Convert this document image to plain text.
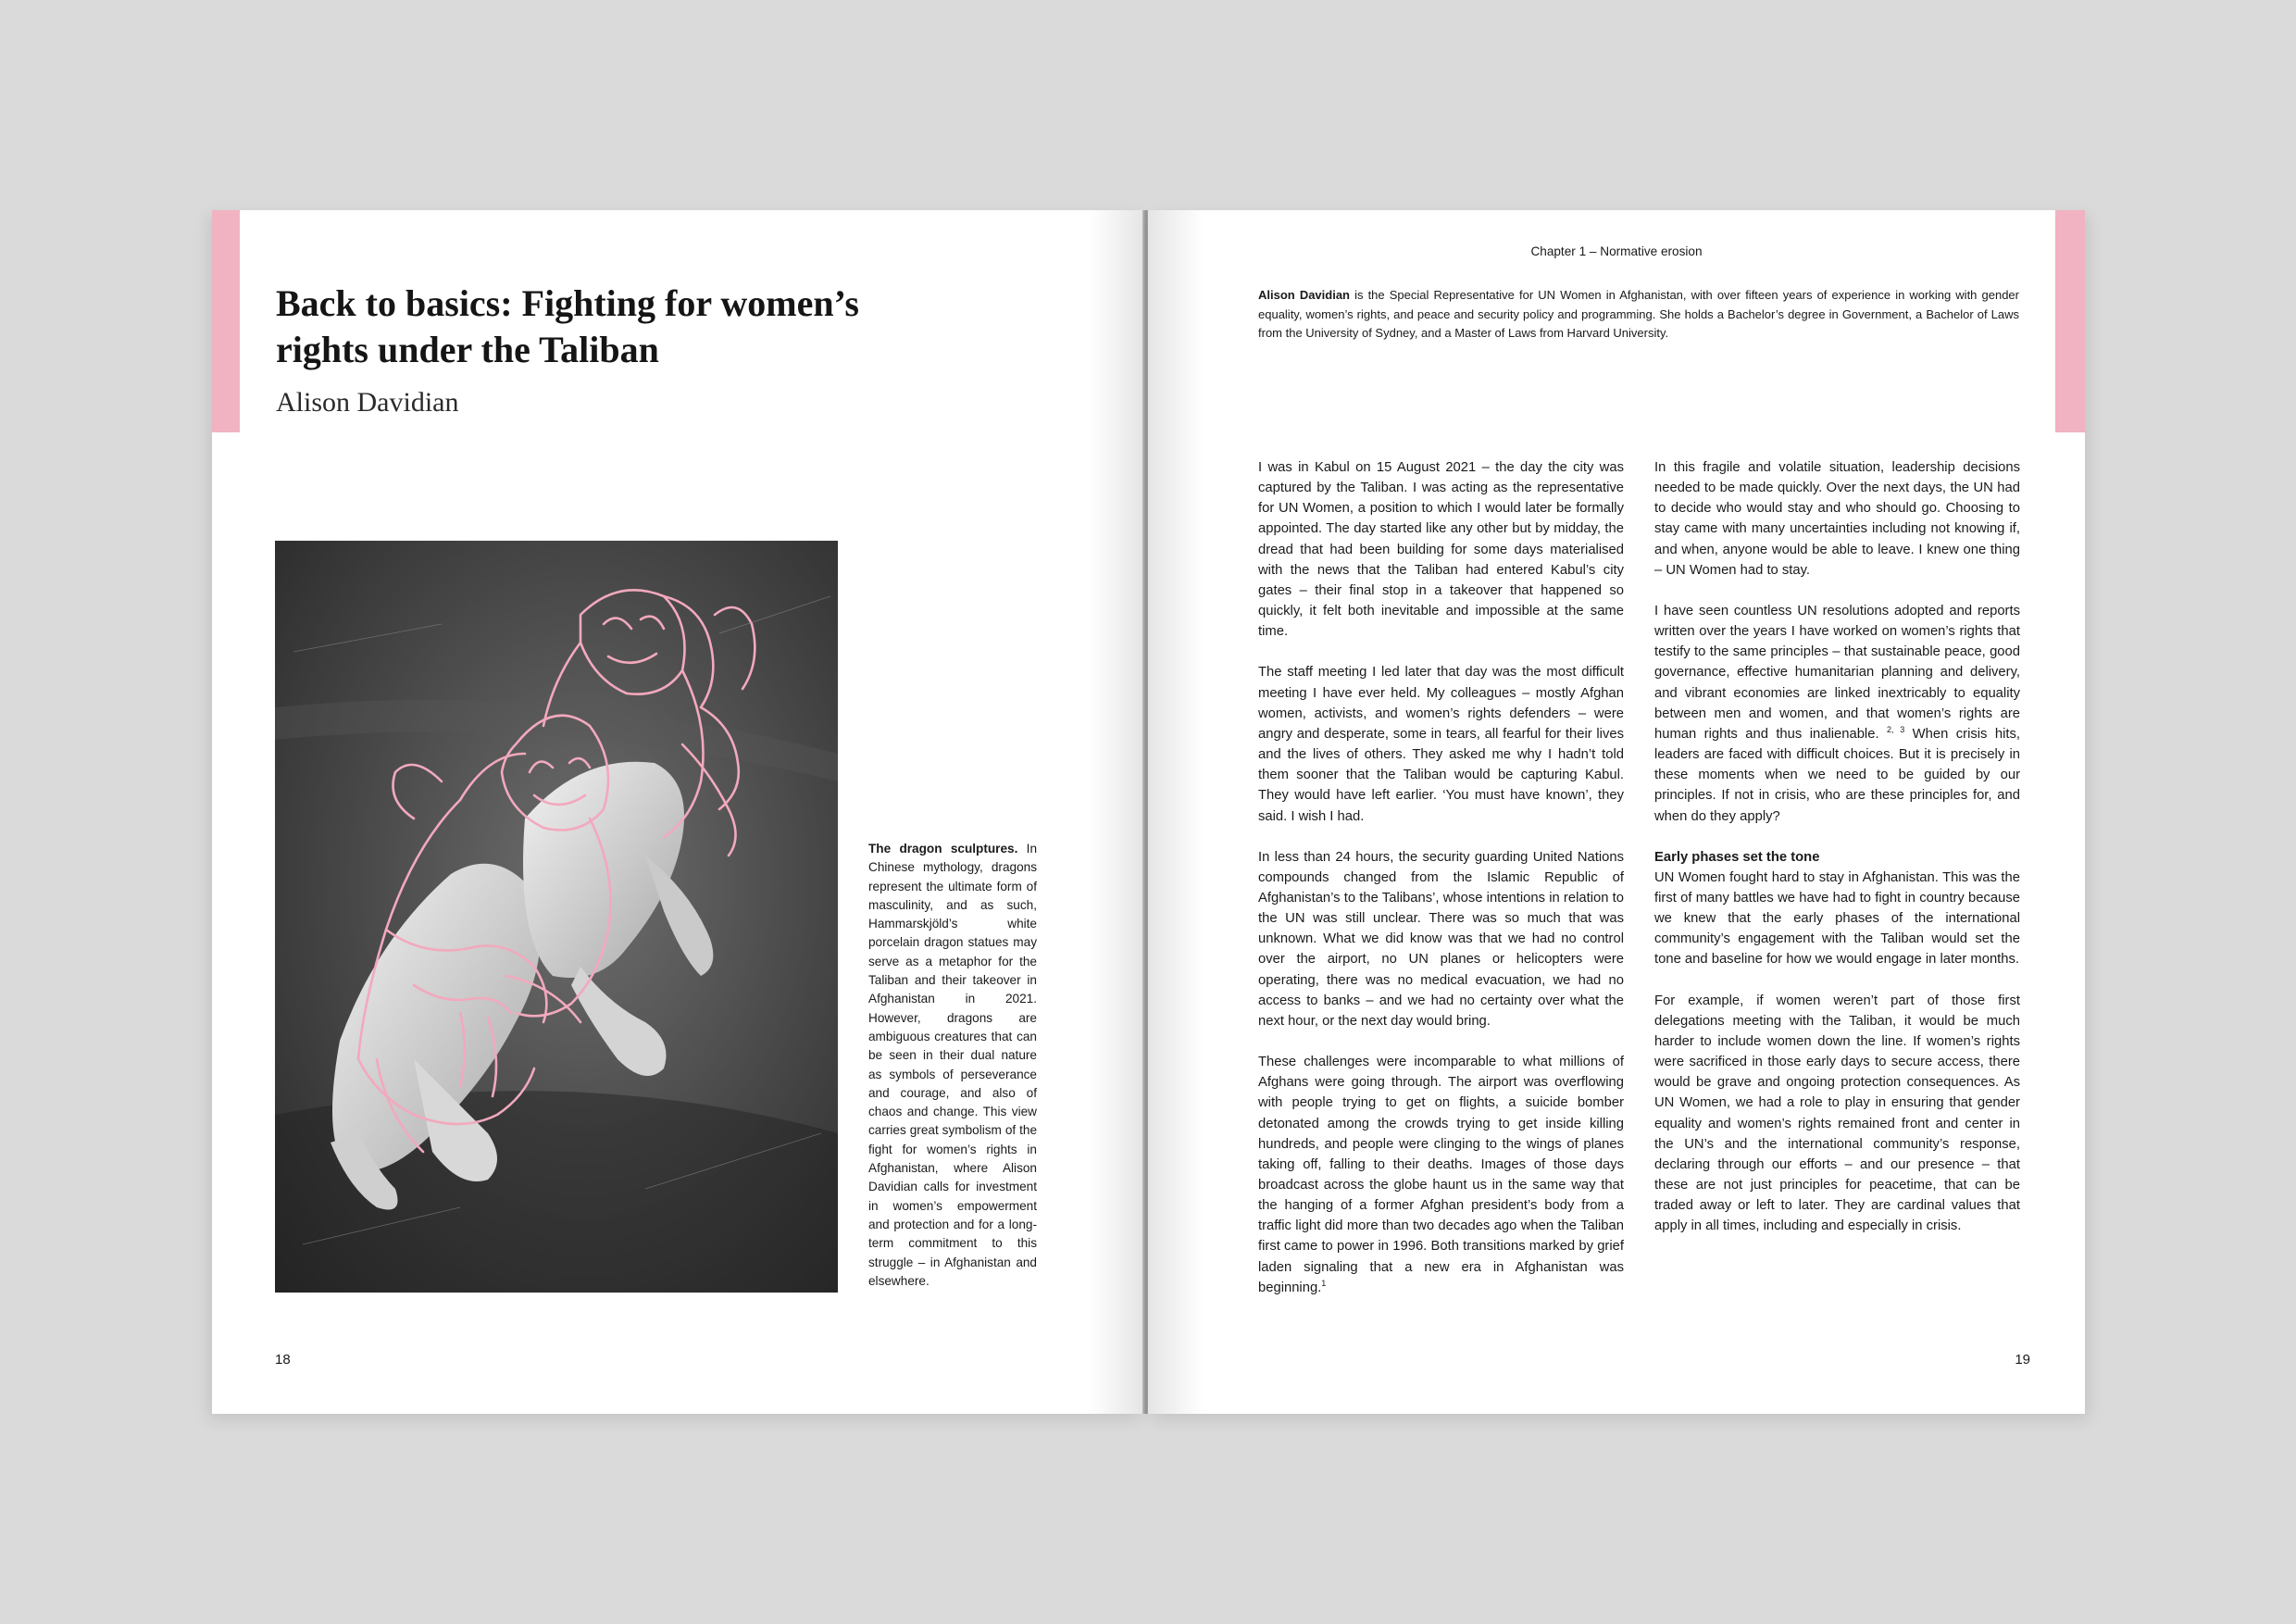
Back to basics: Fighting for women’s
rights under the Taliban
Alison Davidian
The dragon sculptures. In Chinese mythology, dragons represent the ultimate form of masculinity, and as such, Hammarskjöld’s white porcelain dragon statues may serve as a metaphor for the Taliban and their takeover in Afghanistan in 2021. However, dragons are ambiguous creatures that can be seen in their dual nature as symbols of perseverance and courage, and also of chaos and change. This view carries great symbolism of the fight for women’s rights in Afghanistan, where Alison Davidian calls for investment in women’s empowerment and protection and for a long-term commitment to this struggle – in Afghanistan and elsewhere.
18
Chapter 1 – Normative erosion
Alison Davidian is the Special Representative for UN Women in Afghanistan, with over fifteen years of experience in working with gender equality, women’s rights, and peace and security policy and programming. She holds a Bachelor’s degree in Government, a Bachelor of Laws from the University of Sydney, and a Master of Laws from Harvard University.

I was in Kabul on 15 August 2021 – the day the city was captured by the Taliban. I was acting as the representative for UN Women, a position to which I would later be formally appointed. The day started like any other but by midday, the dread that had been building for some days materialised with the news that the Taliban had entered Kabul’s city gates – their final stop in a takeover that happened so quickly, it felt both inevitable and impossible at the same time.

The staff meeting I led later that day was the most difficult meeting I have ever held. My colleagues – mostly Afghan women, activists, and women’s rights defenders – were angry and desperate, some in tears, all fearful for their lives and the lives of others. They asked me why I hadn’t told them sooner that the Taliban would be capturing Kabul. They would have left earlier. ‘You must have known’, they said. I wish I had.

In less than 24 hours, the security guarding United Nations compounds changed from the Islamic Republic of Afghanistan’s to the Talibans’, whose intentions in relation to the UN was still unclear. There was so much that was unknown. What we did know was that we had no control over the airport, no UN planes or helicopters were operating, there was no medical evacuation, we had no access to banks – and we had no certainty over what the next hour, or the next day would bring.

These challenges were incomparable to what millions of Afghans were going through. The airport was overflowing with people trying to get on flights, a suicide bomber detonated among the crowds trying to get inside killing hundreds, and people were clinging to the wings of planes taking off, falling to their deaths. Images of those days broadcast across the globe haunt us in the same way that the hanging of a former Afghan president’s body from a traffic light did more than two decades ago when the Taliban first came to power in 1996. Both transitions marked by grief laden signaling that a new era in Afghanistan was beginning.$^1$

In this fragile and volatile situation, leadership decisions needed to be made quickly. Over the next days, the UN had to decide who would stay and who should go. Choosing to stay came with many uncertainties including not knowing if, and when, anyone would be able to leave. I knew one thing – UN Women had to stay.

I have seen countless UN resolutions adopted and reports written over the years I have worked on women’s rights that testify to the same principles – that sustainable peace, good governance, effective humanitarian planning and delivery, and vibrant economies are linked inextricably to equality between men and women, and that women’s rights are human rights and thus inalienable. $^{2, 3}$ When crisis hits, leaders are faced with difficult choices. But it is precisely in these moments when we need to be guided by our principles. If not in crisis, who are these principles for, and when do they apply?

Early phases set the tone

UN Women fought hard to stay in Afghanistan. This was the first of many battles we have had to fight in country because we knew that the early phases of the international community’s engagement with the Taliban would set the tone and baseline for how we would engage in later months.

For example, if women weren’t part of those first delegations meeting with the Taliban, it would be much harder to include women down the line. If women’s rights were sacrificed in those early days to secure access, there would be grave and ongoing protection consequences. As UN Women, we had a role to play in ensuring that gender equality and women’s rights remained front and center in the UN’s and the international community’s response, declaring through our efforts – and our presence – that these are not just principles for peacetime, that can be traded away or left to later. They are cardinal values that apply in all times, including and especially in crisis.

19
